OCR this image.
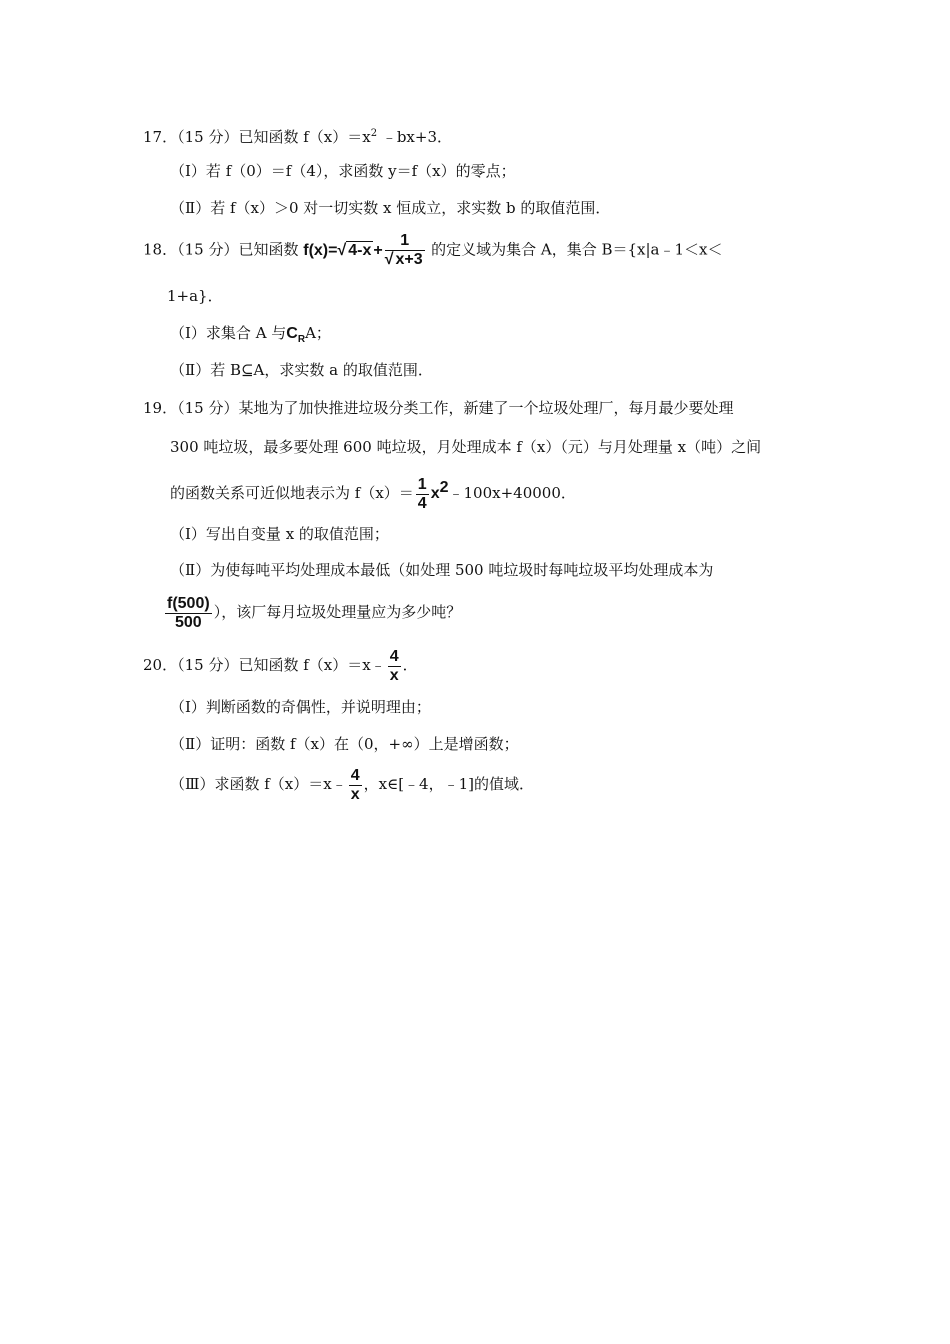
17．（15 分）已知函数 $f(x)=x^2$ ﹣bx+3．
（Ⅰ）若 f（0）＝f（4），求函数 y＝f（x）的零点；
（Ⅱ）若 f（x）＞0 对一切实数 x 恒成立，求实数 b 的取值范围．
18．（15 分）已知函数 f(x)=√ $4-x + \frac{1}{√ x+3}$ 的定义域为集合 A，集合 B＝{x|a﹣1＜x＜
1+a}．
（Ⅰ）求集合 A 与$C_RA$；
（Ⅱ）若 B⊆A，求实数 a 的取值范围．
19．（15 分）某地为了加快推进垃圾分类工作，新建了一个垃圾处理厂，每月最少要处理
300 吨垃圾，最多要处理 600 吨垃圾，月处理成本 f（x）（元）与月处理量 x（吨）之间
的函数关系可近似地表示为 $f(x)= \frac{1}{4}$ $x^2﹣100x+40000$．
（Ⅰ）写出自变量 x 的取值范围；
（Ⅱ）为使每吨平均处理成本最低（如处理 500 吨垃圾时每吨垃圾平均处理成本为
$\frac{f(500)}{500}$ ），该厂每月垃圾处理量应为多少吨？
20．（15 分）已知函数 f（x）＝x﹣ $\frac{4}{x}$ ．
（Ⅰ）判断函数的奇偶性，并说明理由；
（Ⅱ）证明：函数 f（x）在（0，+∞）上是增函数；
（Ⅲ）求函数 f（x）＝x﹣ $\frac{4}{x}$ ，x∈[﹣4，﹣1]的值域．
